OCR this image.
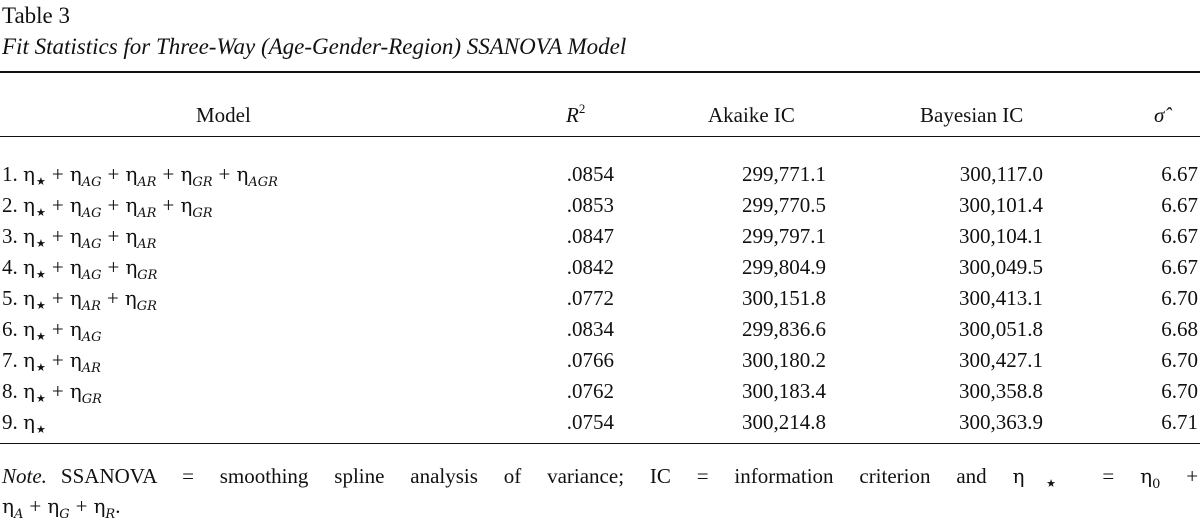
Table 3
Fit Statistics for Three-Way (Age-Gender-Region) SSANOVA Model
Model	$R^2$	Akaike IC	Bayesian IC	σ̂
1. $\eta_★ + \eta_{AG} + \eta_{AR} + \eta_{GR} + \eta_{AGR}$	.0854	299,771.1	300,117.0	6.67
2. $\eta_★ + \eta_{AG} + \eta_{AR} + \eta_{GR}$	.0853	299,770.5	300,101.4	6.67
3. $\eta_★ + \eta_{AG} + \eta_{AR}$	.0847	299,797.1	300,104.1	6.67
4. $\eta_★ + \eta_{AG} + \eta_{GR}$	.0842	299,804.9	300,049.5	6.67
5. $\eta_★ + \eta_{AR} + \eta_{GR}$	.0772	300,151.8	300,413.1	6.70
6. $\eta_★ + \eta_{AG}$	.0834	299,836.6	300,051.8	6.68
7. $\eta_★ + \eta_{AR}$	.0766	300,180.2	300,427.1	6.70
8. $\eta_★ + \eta_{GR}$	.0762	300,183.4	300,358.8	6.70
9. $\eta_★$	.0754	300,214.8	300,363.9	6.71
Note. SSANOVA = smoothing spline analysis of variance; IC = information criterion and $\eta_★ = \eta_0$ +
$\eta_A + \eta_G + \eta_R$.
